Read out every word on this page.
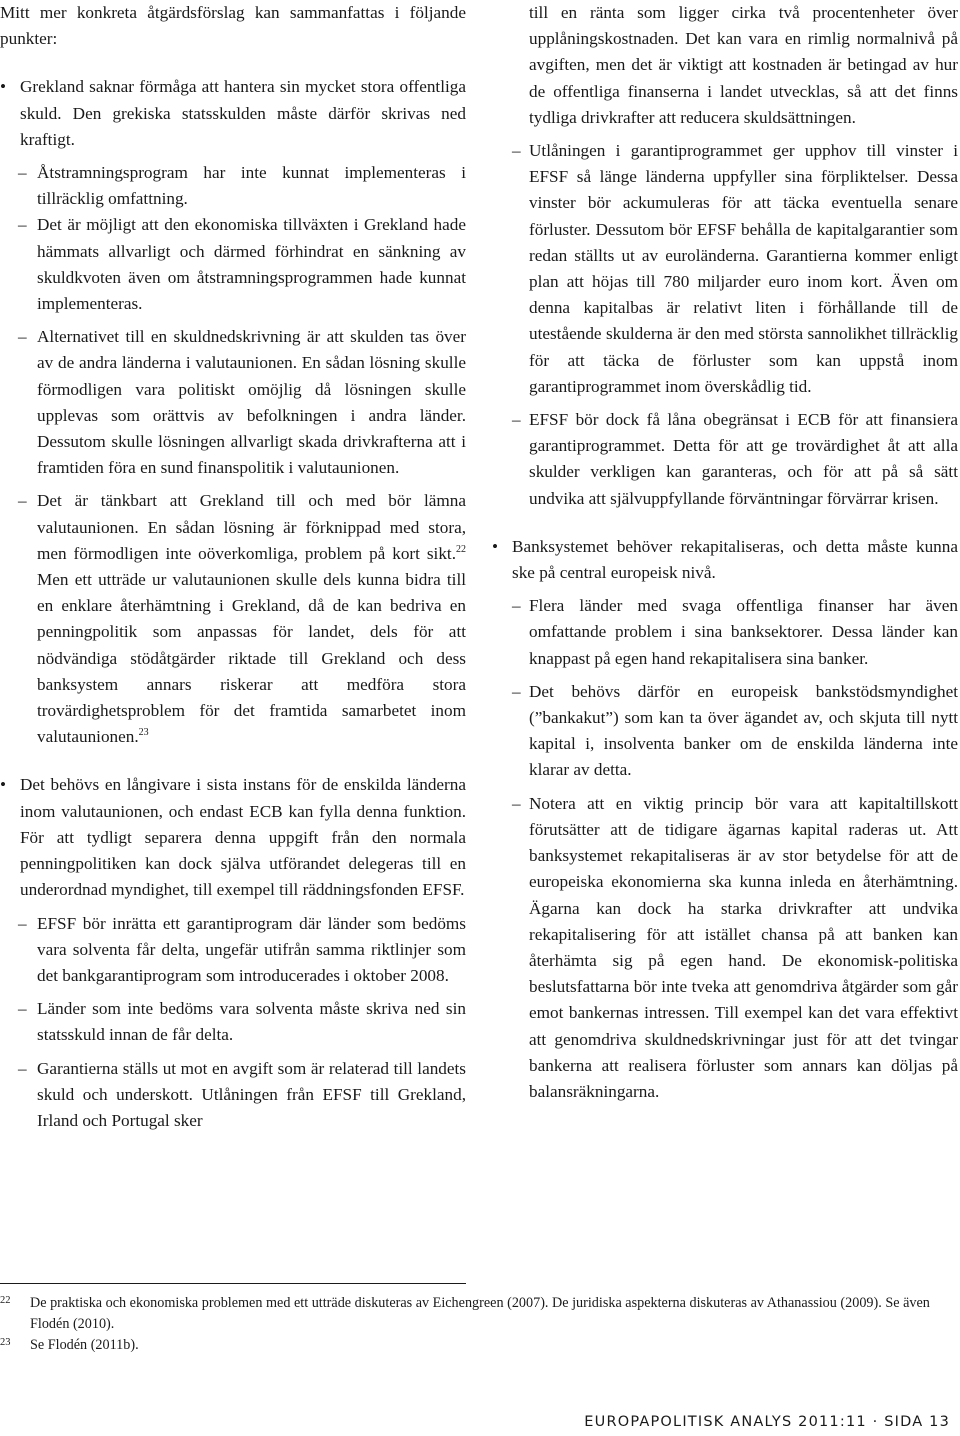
Mitt mer konkreta åtgärdsförslag kan sammanfattas i följande punkter:

• Grekland saknar förmåga att hantera sin mycket stora offentliga skuld. Den grekiska statsskulden måste därför skrivas ned kraftigt.

– Åtstramningsprogram har inte kunnat implementeras i tillräcklig omfattning.

– Det är möjligt att den ekonomiska tillväxten i Grekland hade hämmats allvarligt och därmed förhindrat en sänkning av skuldkvoten även om åtstramningsprogrammen hade kunnat implementeras.

– Alternativet till en skuldnedskrivning är att skulden tas över av de andra länderna i valutaunionen. En sådan lösning skulle förmodligen vara politiskt omöjlig då lösningen skulle upplevas som orättvis av befolkningen i andra länder. Dessutom skulle lösningen allvarligt skada drivkrafterna att i framtiden föra en sund finanspolitik i valutaunionen.

– Det är tänkbart att Grekland till och med bör lämna valutaunionen. En sådan lösning är förknippad med stora, men förmodligen inte oöverkomliga, problem på kort sikt.$^{22}$ Men ett utträde ur valutaunionen skulle dels kunna bidra till en enklare återhämtning i Grekland, då de kan bedriva en penningpolitik som anpassas för landet, dels för att nödvändiga stödåtgärder riktade till Grekland och dess banksystem annars riskerar att medföra stora trovärdighetsproblem för det framtida samarbetet inom valutaunionen.$^{23}$

• Det behövs en långivare i sista instans för de enskilda länderna inom valutaunionen, och endast ECB kan fylla denna funktion. För att tydligt separera denna uppgift från den normala penningpolitiken kan dock själva utförandet delegeras till en underordnad myndighet, till exempel till räddningsfonden EFSF.

– EFSF bör inrätta ett garantiprogram där länder som bedöms vara solventa får delta, ungefär utifrån samma riktlinjer som det bankgarantiprogram som introducerades i oktober 2008.

– Länder som inte bedöms vara solventa måste skriva ned sin statsskuld innan de får delta.

– Garantierna ställs ut mot en avgift som är relaterad till landets skuld och underskott. Utlåningen från EFSF till Grekland, Irland och Portugal sker

till en ränta som ligger cirka två procentenheter över upplåningskostnaden. Det kan vara en rimlig normalnivå på avgiften, men det är viktigt att kostnaden är betingad av hur de offentliga finanserna i landet utvecklas, så att det finns tydliga drivkrafter att reducera skuldsättningen.

– Utlåningen i garantiprogrammet ger upphov till vinster i EFSF så länge länderna uppfyller sina förpliktelser. Dessa vinster bör ackumuleras för att täcka eventuella senare förluster. Dessutom bör EFSF behålla de kapitalgarantier som redan ställts ut av euroländerna. Garantierna kommer enligt plan att höjas till 780 miljarder euro inom kort. Även om denna kapitalbas är relativt liten i förhållande till de utestående skulderna är den med största sannolikhet tillräcklig för att täcka de förluster som kan uppstå inom garantiprogrammet inom överskådlig tid.

– EFSF bör dock få låna obegränsat i ECB för att finansiera garantiprogrammet. Detta för att ge trovärdighet åt att alla skulder verkligen kan garanteras, och för att på så sätt undvika att självuppfyllande förväntningar förvärrar krisen.

• Banksystemet behöver rekapitaliseras, och detta måste kunna ske på central europeisk nivå.

– Flera länder med svaga offentliga finanser har även omfattande problem i sina banksektorer. Dessa länder kan knappast på egen hand rekapitalisera sina banker.

– Det behövs därför en europeisk bankstödsmyndighet (”bankakut”) som kan ta över ägandet av, och skjuta till nytt kapital i, insolventa banker om de enskilda länderna inte klarar av detta.

– Notera att en viktig princip bör vara att kapitaltillskott förutsätter att de tidigare ägarnas kapital raderas ut. Att banksystemet rekapitaliseras är av stor betydelse för att de europeiska ekonomierna ska kunna inleda en återhämtning. Ägarna kan dock ha starka drivkrafter att undvika rekapitalisering för att istället chansa på att banken kan återhämta sig på egen hand. De ekonomisk-politiska beslutsfattarna bör inte tveka att genomdriva åtgärder som går emot bankernas intressen. Till exempel kan det vara effektivt att genomdriva skuldnedskrivningar just för att det tvingar bankerna att realisera förluster som annars kan döljas på balansräkningarna.

22 De praktiska och ekonomiska problemen med ett utträde diskuteras av Eichengreen (2007). De juridiska aspekterna diskuteras av Athanassiou (2009). Se även Flodén (2010).
23 Se Flodén (2011b).
EUROPAPOLITISK ANALYS 2011:11 · SIDA 13
